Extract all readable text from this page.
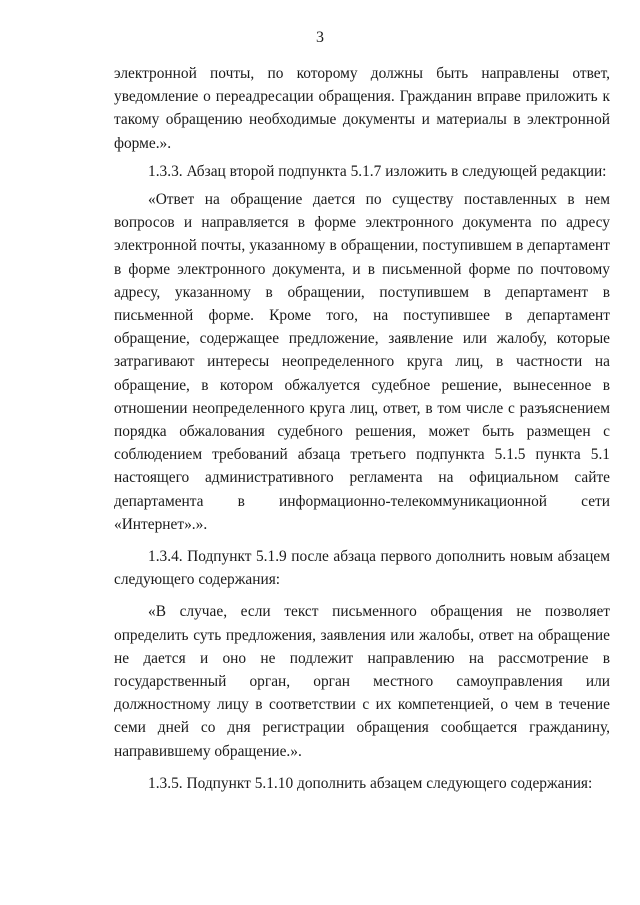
3

электронной почты, по которому должны быть направлены ответ, уведомление о переадресации обращения. Гражданин вправе приложить к такому обращению необходимые документы и материалы в электронной форме.».

1.3.3. Абзац второй подпункта 5.1.7 изложить в следующей редакции:

«Ответ на обращение дается по существу поставленных в нем вопросов и направляется в форме электронного документа по адресу электронной почты, указанному в обращении, поступившем в департамент в форме электронного документа, и в письменной форме по почтовому адресу, указанному в обращении, поступившем в департамент в письменной форме. Кроме того, на поступившее в департамент обращение, содержащее предложение, заявление или жалобу, которые затрагивают интересы неопределенного круга лиц, в частности на обращение, в котором обжалуется судебное решение, вынесенное в отношении неопределенного круга лиц, ответ, в том числе с разъяснением порядка обжалования судебного решения, может быть размещен с соблюдением требований абзаца третьего подпункта 5.1.5 пункта 5.1 настоящего административного регламента на официальном сайте департамента в информационно-телекоммуникационной сети «Интернет».».

1.3.4. Подпункт 5.1.9 после абзаца первого дополнить новым абзацем следующего содержания:

«В случае, если текст письменного обращения не позволяет определить суть предложения, заявления или жалобы, ответ на обращение не дается и оно не подлежит направлению на рассмотрение в государственный орган, орган местного самоуправления или должностному лицу в соответствии с их компетенцией, о чем в течение семи дней со дня регистрации обращения сообщается гражданину, направившему обращение.».

1.3.5. Подпункт 5.1.10 дополнить абзацем следующего содержания:
